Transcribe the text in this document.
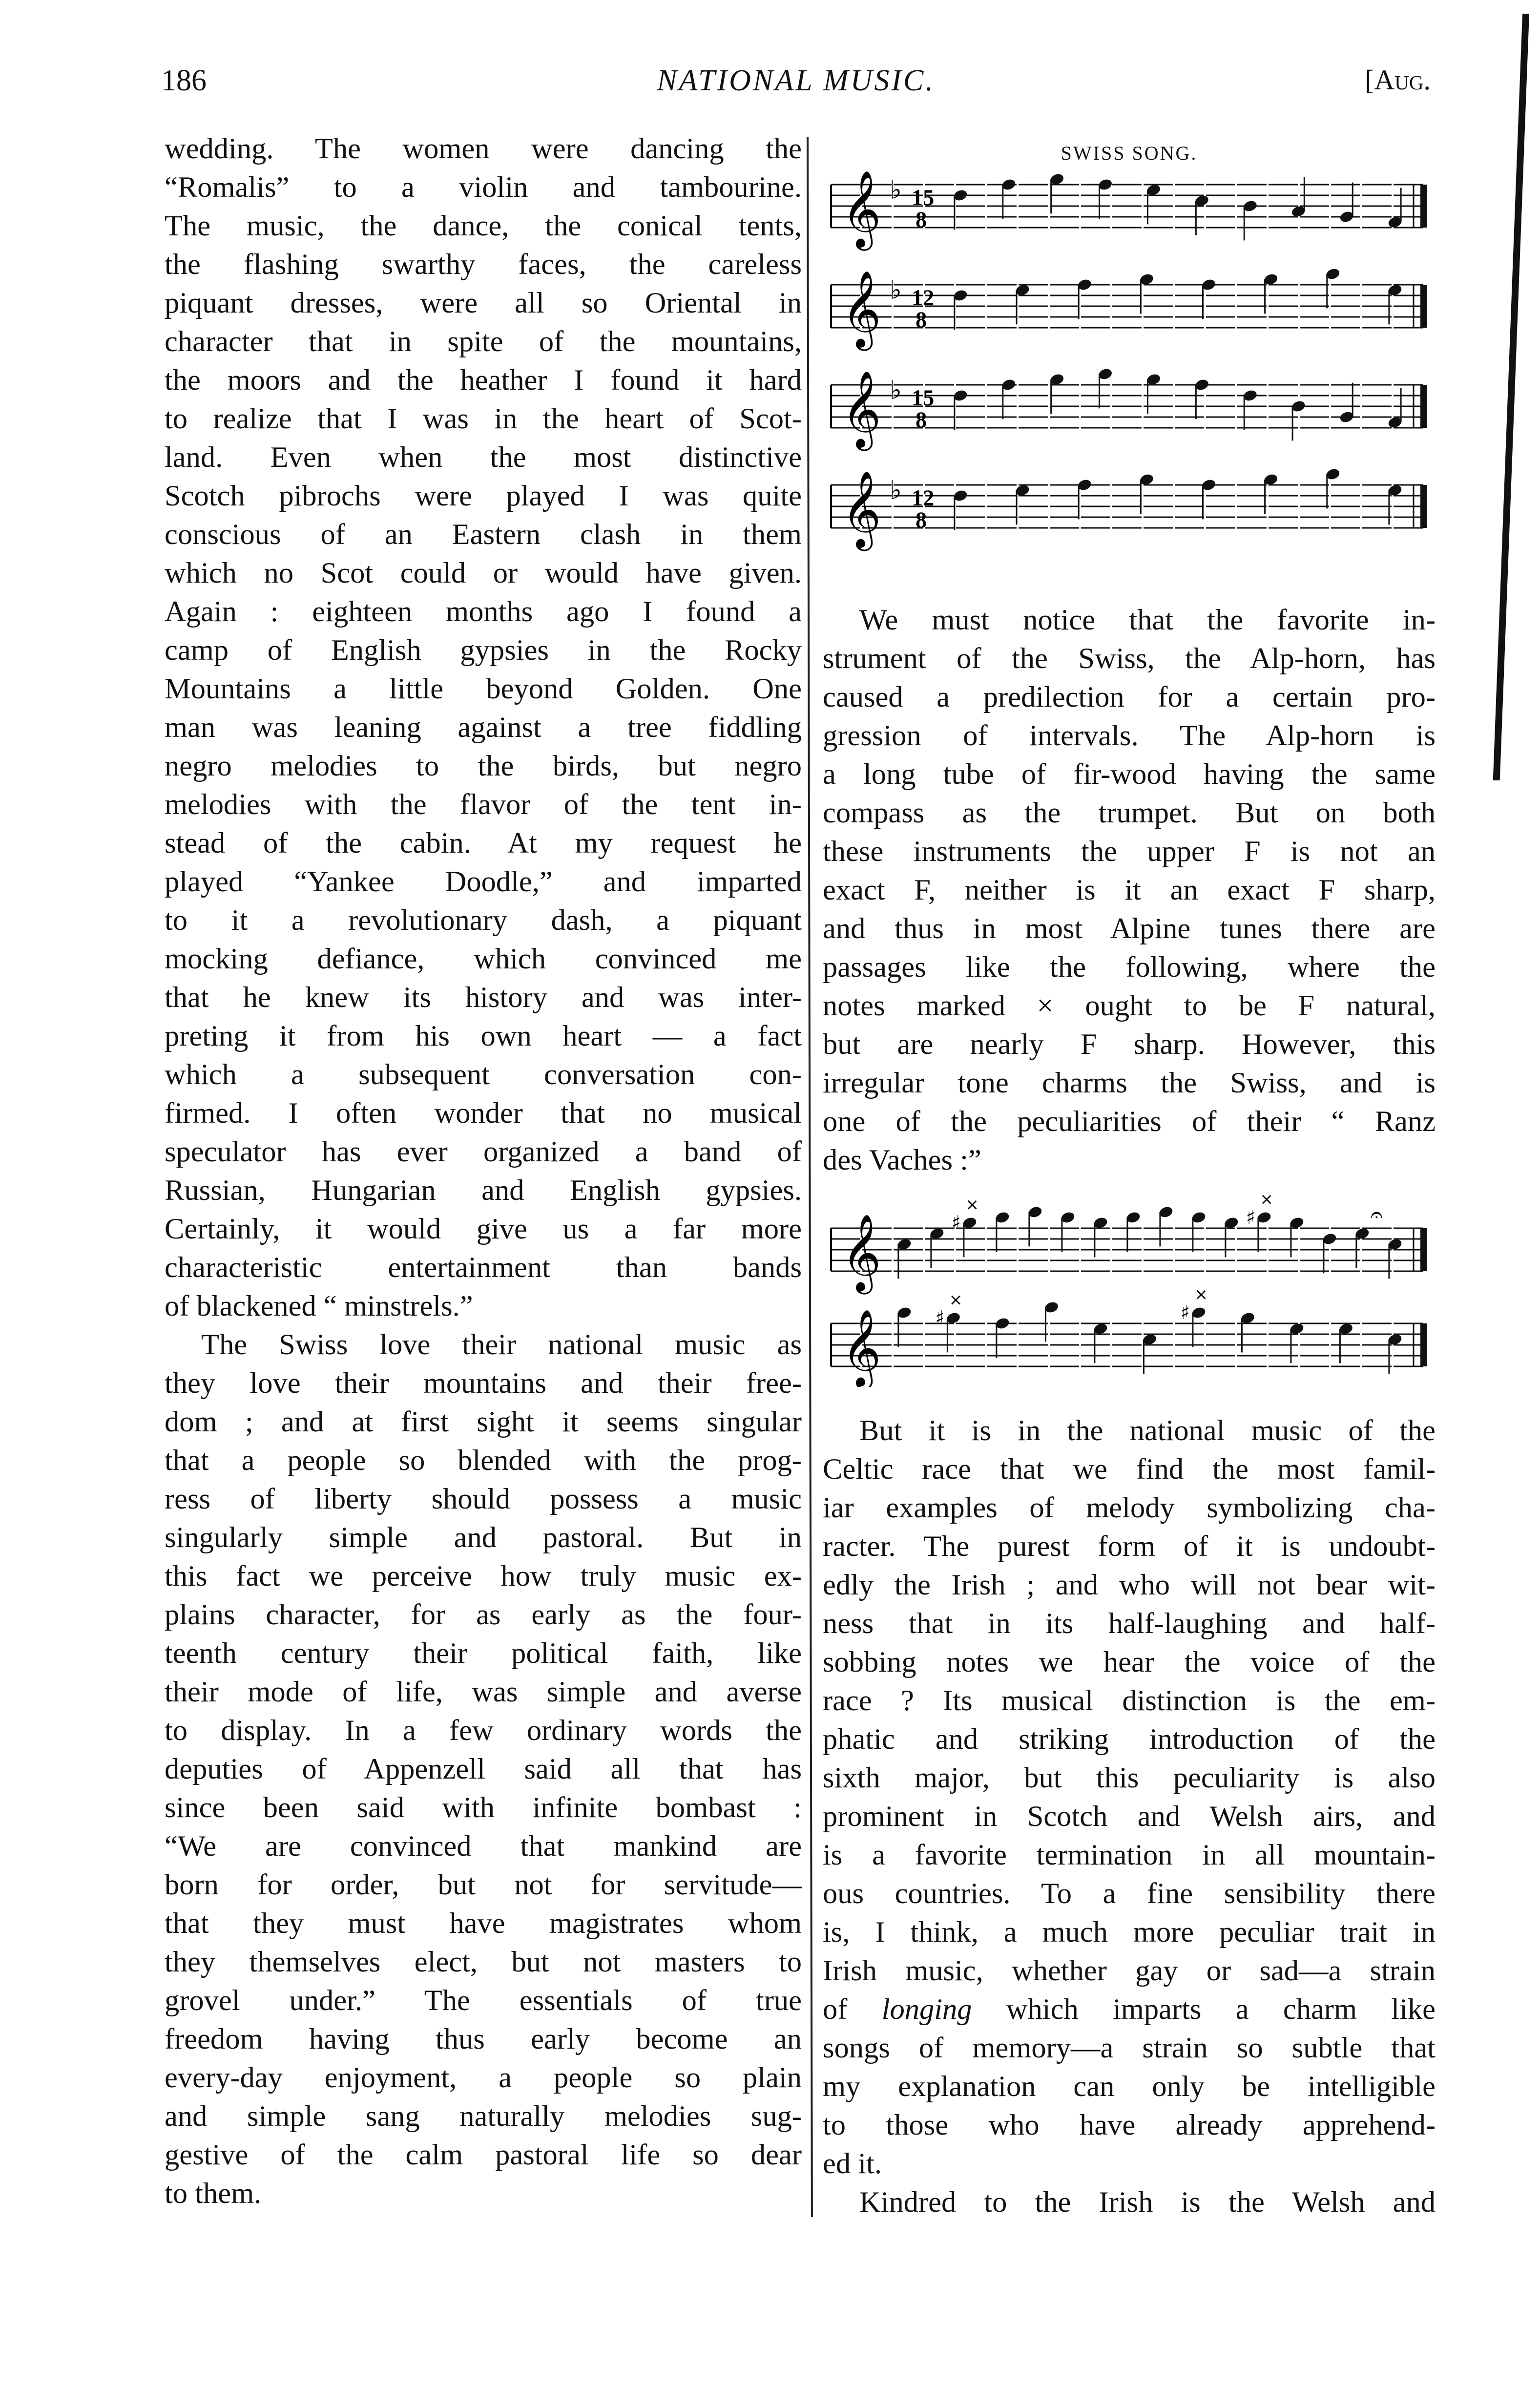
186	NATIONAL MUSIC.	[Aug.
wedding. The women were dancing the
“Romalis” to a violin and tambourine.
The music, the dance, the conical tents,
the flashing swarthy faces, the careless
piquant dresses, were all so Oriental in
character that in spite of the mountains,
the moors and the heather I found it hard
to realize that I was in the heart of Scot-
land. Even when the most distinctive
Scotch pibrochs were played I was quite
conscious of an Eastern clash in them
which no Scot could or would have given.
Again : eighteen months ago I found a
camp of English gypsies in the Rocky
Mountains a little beyond Golden. One
man was leaning against a tree fiddling
negro melodies to the birds, but negro
melodies with the flavor of the tent in-
stead of the cabin. At my request he
played “Yankee Doodle,” and imparted
to it a revolutionary dash, a piquant
mocking defiance, which convinced me
that he knew its history and was inter-
preting it from his own heart — a fact
which a subsequent conversation con-
firmed. I often wonder that no musical
speculator has ever organized a band of
Russian, Hungarian and English gypsies.
Certainly, it would give us a far more
characteristic entertainment than bands
of blackened “ minstrels.”
The Swiss love their national music as
they love their mountains and their free-
dom ; and at first sight it seems singular
that a people so blended with the prog-
ress of liberty should possess a music
singularly simple and pastoral. But in
this fact we perceive how truly music ex-
plains character, for as early as the four-
teenth century their political faith, like
their mode of life, was simple and averse
to display. In a few ordinary words the
deputies of Appenzell said all that has
since been said with infinite bombast :
“We are convinced that mankind are
born for order, but not for servitude—
that they must have magistrates whom
they themselves elect, but not masters to
grovel under.” The essentials of true
freedom having thus early become an
every-day enjoyment, a people so plain
and simple sang naturally melodies sug-
gestive of the calm pastoral life so dear
to them.
SWISS SONG.
𝄞 ♭ 15
8
𝄞 ♭ 12
8
𝄞 ♭ 15
8
𝄞 ♭ 12
8
We must notice that the favorite in-
strument of the Swiss, the Alp-horn, has
caused a predilection for a certain pro-
gression of intervals. The Alp-horn is
a long tube of fir-wood having the same
compass as the trumpet. But on both
these instruments the upper F is not an
exact F, neither is it an exact F sharp,
and thus in most Alpine tunes there are
passages like the following, where the
notes marked × ought to be F natural,
but are nearly F sharp. However, this
irregular tone charms the Swiss, and is
one of the peculiarities of their “ Ranz
des Vaches :”
𝄞	♯
×
♯
×
𝄐
𝄞	♯
×
♯
×
But it is in the national music of the
Celtic race that we find the most famil-
iar examples of melody symbolizing cha-
racter. The purest form of it is undoubt-
edly the Irish ; and who will not bear wit-
ness that in its half-laughing and half-
sobbing notes we hear the voice of the
race ? Its musical distinction is the em-
phatic and striking introduction of the
sixth major, but this peculiarity is also
prominent in Scotch and Welsh airs, and
is a favorite termination in all mountain-
ous countries. To a fine sensibility there
is, I think, a much more peculiar trait in
Irish music, whether gay or sad—a strain
of longing which imparts a charm like
songs of memory—a strain so subtle that
my explanation can only be intelligible
to those who have already apprehend-
ed it.
Kindred to the Irish is the Welsh and
